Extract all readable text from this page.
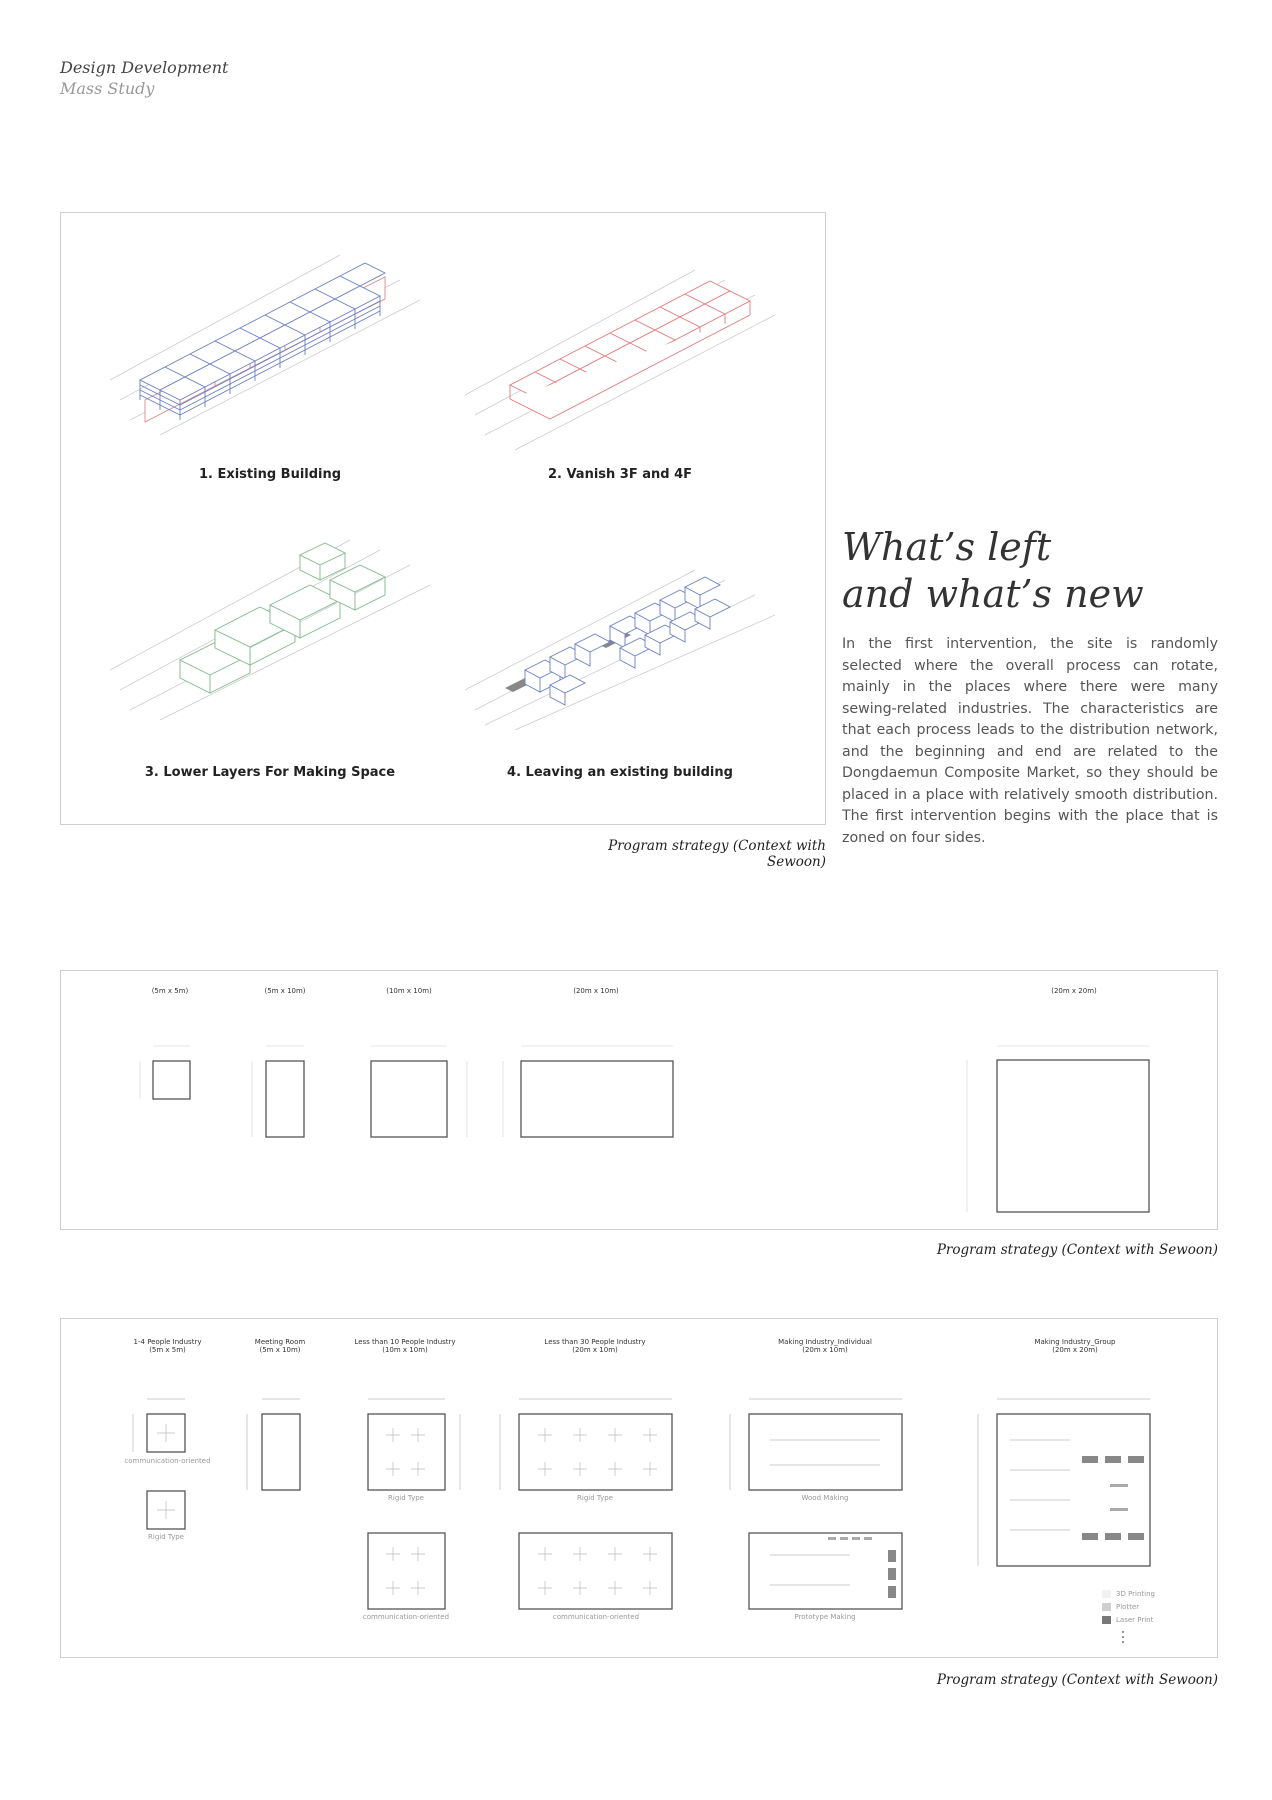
Design Development
Mass Study
1. Existing Building	2. Vanish 3F and 4F
3. Lower Layers For Making Space	4. Leaving an existing building
Program strategy (Context with Sewoon)
What’s left
and what’s new
In the first intervention, the site is randomly selected where the overall process can rotate, mainly in the places where there were many sewing-related industries. The characteristics are that each process leads to the distribution network, and the beginning and end are related to the Dongdaemun Composite Market, so they should be placed in a place with relatively smooth distribution. The first intervention begins with the place that is zoned on four sides.
(5m x 5m)	(5m x 10m)	(10m x 10m)	(20m x 10m)	(20m x 20m)
Program strategy (Context with Sewoon)
1-4 People Industry
(5m x 5m)
Meeting Room
(5m x 10m)
Less than 10 People Industry
(10m x 10m)
Less than 30 People Industry
(20m x 10m)
Making Industry_Individual
(20m x 10m)
Making Industry_Group
(20m x 20m)
communication-oriented
Rigid Type
Rigid Type
communication-oriented
Rigid Type
communication-oriented
Wood Making
Prototype Making
3D Printing
Plotter
Laser Print
Program strategy (Context with Sewoon)
